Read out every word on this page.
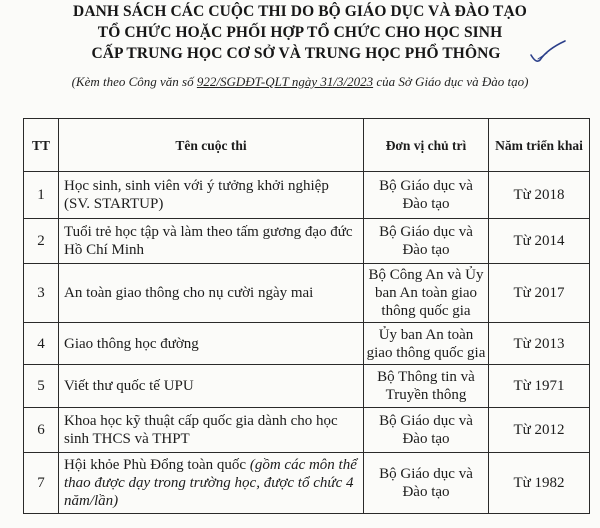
DANH SÁCH CÁC CUỘC THI DO BỘ GIÁO DỤC VÀ ĐÀO TẠO
TỔ CHỨC HOẶC PHỐI HỢP TỔ CHỨC CHO HỌC SINH
CẤP TRUNG HỌC CƠ SỞ VÀ TRUNG HỌC PHỔ THÔNG
(Kèm theo Công văn số 922/SGDĐT-QLT ngày 31/3/2023 của Sở Giáo dục và Đào tạo)
TT	Tên cuộc thi	Đơn vị chủ trì	Năm triển khai
1	Học sinh, sinh viên với ý tưởng khởi nghiệp (SV. STARTUP)	Bộ Giáo dục và Đào tạo	Từ 2018
2	Tuổi trẻ học tập và làm theo tấm gương đạo đức Hồ Chí Minh	Bộ Giáo dục và Đào tạo	Từ 2014
3	An toàn giao thông cho nụ cười ngày mai	Bộ Công An và Ủy ban An toàn giao thông quốc gia	Từ 2017
4	Giao thông học đường	Ủy ban An toàn giao thông quốc gia	Từ 2013
5	Viết thư quốc tế UPU	Bộ Thông tin và Truyền thông	Từ 1971
6	Khoa học kỹ thuật cấp quốc gia dành cho học sinh THCS và THPT	Bộ Giáo dục và Đào tạo	Từ 2012
7	Hội khỏe Phù Đổng toàn quốc (gồm các môn thể thao được dạy trong trường học, được tổ chức 4 năm/lần)	Bộ Giáo dục và Đào tạo	Từ 1982
